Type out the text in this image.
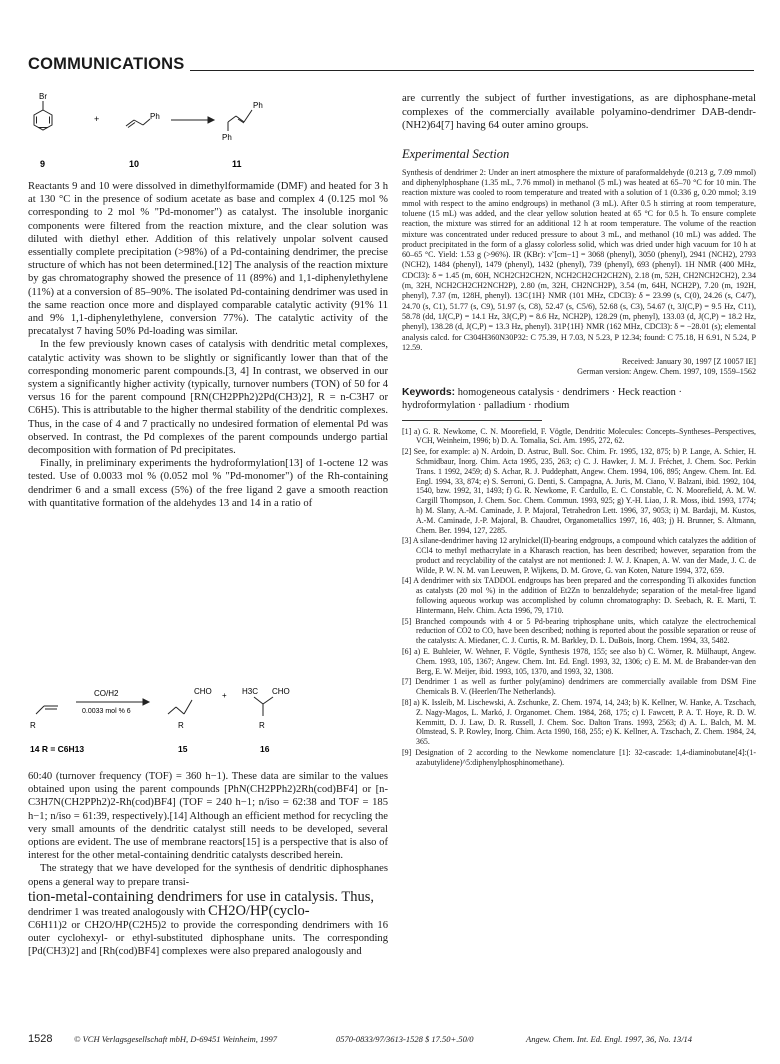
COMMUNICATIONS
Br
+	Ph
Ph
Ph
9	10	11

Reactants 9 and 10 were dissolved in dimethylformamide (DMF) and heated for 3 h at 130 °C in the presence of sodium acetate as base and complex 4 (0.125 mol % corresponding to 2 mol % "Pd-monomer") as catalyst. The insoluble inorganic components were filtered from the reaction mixture, and the clear solution was diluted with diethyl ether. Addition of this relatively unpolar solvent caused essentially complete precipitation (>98%) of a Pd-containing dendrimer, the precise structure of which has not been determined.[12] The analysis of the reaction mixture by gas chromatography showed the presence of 11 (89%) and 1,1-diphenylethylene (11%) at a conversion of 85–90%. The isolated Pd-containing dendrimer was used in the same reaction once more and displayed comparable catalytic activity (91% 11 and 9% 1,1-diphenylethylene, conversion 77%). The catalytic activity of the precatalyst 7 having 50% Pd-loading was similar.

In the few previously known cases of catalysis with dendritic metal complexes, catalytic activity was shown to be slightly or significantly lower than that of the corresponding monomeric parent compounds.[3, 4] In contrast, we observed in our system a significantly higher activity (typically, turnover numbers (TON) of 50 for 4 versus 16 for the parent compound [RN(CH2PPh2)2Pd(CH3)2], R = n-C3H7 or C6H5). This is attributable to the higher thermal stability of the dendritic complexes. Thus, in the case of 4 and 7 practically no undesired formation of elemental Pd was observed. In contrast, the Pd complexes of the parent compounds undergo partial decomposition with formation of Pd precipitates.

Finally, in preliminary experiments the hydroformylation[13] of 1-octene 12 was tested. Use of 0.0033 mol % (0.052 mol % "Pd-monomer") of the Rh-containing dendrimer 6 and a small excess (5%) of the free ligand 2 gave a smooth reaction with quantitative formation of the aldehydes 13 and 14 in a ratio of

R
CO/H2
0.0033 mol % 6
CHO
R
+ H3C CHO
R
14 R = C6H13	15	16

60:40 (turnover frequency (TOF) = 360 h−1). These data are similar to the values obtained upon using the parent compounds [PhN(CH2PPh2)2Rh(cod)BF4] or [n-C3H7N(CH2PPh2)2-Rh(cod)BF4] (TOF = 240 h−1; n/iso = 62:38 and TOF = 185 h−1; n/iso = 61:39, respectively).[14] Although an efficient method for recycling the very small amounts of the dendritic catalyst still needs to be developed, several options are evident. The use of membrane reactors[15] is a perspective that is also of interest for the other metal-containing dendritic catalysts described herein.

The strategy that we have developed for the synthesis of dendritic diphosphanes opens a general way to prepare transi-

tion-metal-containing dendrimers for use in catalysis. Thus,

dendrimer 1 was treated analogously with CH2O/HP(cyclo-

C6H11)2 or CH2O/HP(C2H5)2 to provide the corresponding dendrimers with 16 outer cyclohexyl- or ethyl-substituted diphosphane units. The corresponding [Pd(CH3)2] and [Rh(cod)BF4] complexes were also prepared analogously and

are currently the subject of further investigations, as are diphosphane-metal complexes of the commercially available polyamino-dendrimer DAB-dendr-(NH2)64[7] having 64 outer amino groups.

Experimental Section

Synthesis of dendrimer 2: Under an inert atmosphere the mixture of paraformaldehyde (0.213 g, 7.09 mmol) and diphenylphosphane (1.35 mL, 7.76 mmol) in methanol (5 mL) was heated at 65–70 °C for 10 min. The reaction mixture was cooled to room temperature and treated with a solution of 1 (0.336 g, 0.20 mmol; 3.19 mmol with respect to the amino endgroups) in methanol (3 mL). After 0.5 h stirring at room temperature, toluene (15 mL) was added, and the clear yellow solution heated at 65 °C for 0.5 h. To ensure complete reaction, the mixture was stirred for an additional 12 h at room temperature. The volume of the reaction mixture was concentrated under reduced pressure to about 3 mL, and methanol (10 mL) was added. The product precipitated in the form of a glassy colorless solid, which was dried under high vacuum for 10 h at 60–65 °C. Yield: 1.53 g (>96%). IR (KBr): ν̃ [cm−1] = 3068 (phenyl), 3050 (phenyl), 2941 (NCH2), 2793 (NCH2), 1484 (phenyl), 1479 (phenyl), 1432 (phenyl), 739 (phenyl), 693 (phenyl). 1H NMR (400 MHz, CDCl3): δ = 1.45 (m, 60H, NCH2CH2CH2N, NCH2CH2CH2CH2N), 2.18 (m, 52H, CH2NCH2CH2), 2.34 (m, 32H, NCH2CH2CH2NCH2P), 2.80 (m, 32H, CH2NCH2P), 3.54 (m, 64H, NCH2P), 7.20 (m, 192H, phenyl), 7.37 (m, 128H, phenyl). 13C{1H} NMR (101 MHz, CDCl3): δ = 23.99 (s, C(0), 24.26 (s, C4/7), 24.70 (s, C1), 51.77 (s, C9), 51.97 (s, C8), 52.47 (s, C5/6), 52.68 (s, C3), 54.67 (t, 3J(C,P) = 9.5 Hz, C11), 58.78 (dd, 1J(C,P) = 14.1 Hz, 3J(C,P) = 8.6 Hz, NCH2P), 128.29 (m, phenyl), 133.03 (d, J(C,P) = 18.2 Hz, phenyl), 138.28 (d, J(C,P) = 13.3 Hz, phenyl). 31P{1H} NMR (162 MHz, CDCl3): δ = −28.01 (s); elemental analysis calcd. for C304H360N30P32: C 75.39, H 7.03, N 5.23, P 12.34; found: C 75.18, H 6.91, N 5.24, P 12.59.

Received: January 30, 1997 [Z 10057 IE]

German version: Angew. Chem. 1997, 109, 1559–1562

Keywords: homogeneous catalysis · dendrimers · Heck reaction · hydroformylation · palladium · rhodium

[1] a) G. R. Newkome, C. N. Moorefield, F. Vögtle, Dendritic Molecules: Concepts–Syntheses–Perspectives, VCH, Weinheim, 1996; b) D. A. Tomalia, Sci. Am. 1995, 272, 62.

[2] See, for example: a) N. Ardoin, D. Astruc, Bull. Soc. Chim. Fr. 1995, 132, 875; b) P. Lange, A. Schier, H. Schmidbaur, Inorg. Chim. Acta 1995, 235, 263; c) C. J. Hawker, J. M. J. Fréchet, J. Chem. Soc. Perkin Trans. 1 1992, 2459; d) S. Achar, R. J. Puddephatt, Angew. Chem. 1994, 106, 895; Angew. Chem. Int. Ed. Engl. 1994, 33, 874; e) S. Serroni, G. Denti, S. Campagna, A. Juris, M. Ciano, V. Balzani, ibid. 1992, 104, 1540, bzw. 1992, 31, 1493; f) G. R. Newkome, F. Cardullo, E. C. Constable, C. N. Moorefield, A. M. W. Cargill Thompson, J. Chem. Soc. Chem. Commun. 1993, 925; g) Y.-H. Liao, J. R. Moss, ibid. 1993, 1774; h) M. Slany, A.-M. Caminade, J. P. Majoral, Tetrahedron Lett. 1996, 37, 9053; i) M. Bardaji, M. Kustos, A.-M. Caminade, J.-P. Majoral, B. Chaudret, Organometallics 1997, 16, 403; j) H. Brunner, S. Altmann, Chem. Ber. 1994, 127, 2285.

[3] A silane-dendrimer having 12 arylnickel(II)-bearing endgroups, a compound which catalyzes the addition of CCl4 to methyl methacrylate in a Kharasch reaction, has been described; however, separation from the product and recyclability of the catalyst are not mentioned: J. W. J. Knapen, A. W. van der Made, J. C. de Wilde, P. W. N. M. van Leeuwen, P. Wijkens, D. M. Grove, G. van Koten, Nature 1994, 372, 659.

[4] A dendrimer with six TADDOL endgroups has been prepared and the corresponding Ti alkoxides function as catalysts (20 mol %) in the addition of Et2Zn to benzaldehyde; separation of the metal-free ligand following aqueous workup was accomplished by column chromatography: D. Seebach, R. E. Marti, T. Hintermann, Helv. Chim. Acta 1996, 79, 1710.

[5] Branched compounds with 4 or 5 Pd-bearing triphosphane units, which catalyze the electrochemical reduction of CO2 to CO, have been described; nothing is reported about the possible separation or reuse of the catalysts: A. Miedaner, C. J. Curtis, R. M. Barkley, D. L. DuBois, Inorg. Chem. 1994, 33, 5482.

[6] a) E. Buhleier, W. Wehner, F. Vögtle, Synthesis 1978, 155; see also b) C. Wörner, R. Mülhaupt, Angew. Chem. 1993, 105, 1367; Angew. Chem. Int. Ed. Engl. 1993, 32, 1306; c) E. M. M. de Brabander-van den Berg, E. W. Meijer, ibid. 1993, 105, 1370, and 1993, 32, 1308.

[7] Dendrimer 1 as well as further poly(amino) dendrimers are commercially available from DSM Fine Chemicals B. V. (Heerlen/The Netherlands).

[8] a) K. Issleib, M. Lischewski, A. Zschunke, Z. Chem. 1974, 14, 243; b) K. Kellner, W. Hanke, A. Tzschach, Z. Nagy-Magos, L. Markó, J. Organomet. Chem. 1984, 268, 175; c) I. Fawcett, P. A. T. Hoye, R. D. W. Kemmitt, D. J. Law, D. R. Russell, J. Chem. Soc. Dalton Trans. 1993, 2563; d) A. L. Balch, M. M. Olmstead, S. P. Rowley, Inorg. Chim. Acta 1990, 168, 255; e) K. Kellner, A. Tzschach, Z. Chem. 1984, 24, 365.

[9] Designation of 2 according to the Newkome nomenclature [1]: 32-cascade: 1,4-diaminobutane[4]:(1-azabutylidene)^5:diphenylphosphinomethane).

1528	© VCH Verlagsgesellschaft mbH, D-69451 Weinheim, 1997	0570-0833/97/3613-1528 $ 17.50+.50/0	Angew. Chem. Int. Ed. Engl. 1997, 36, No. 13/14
